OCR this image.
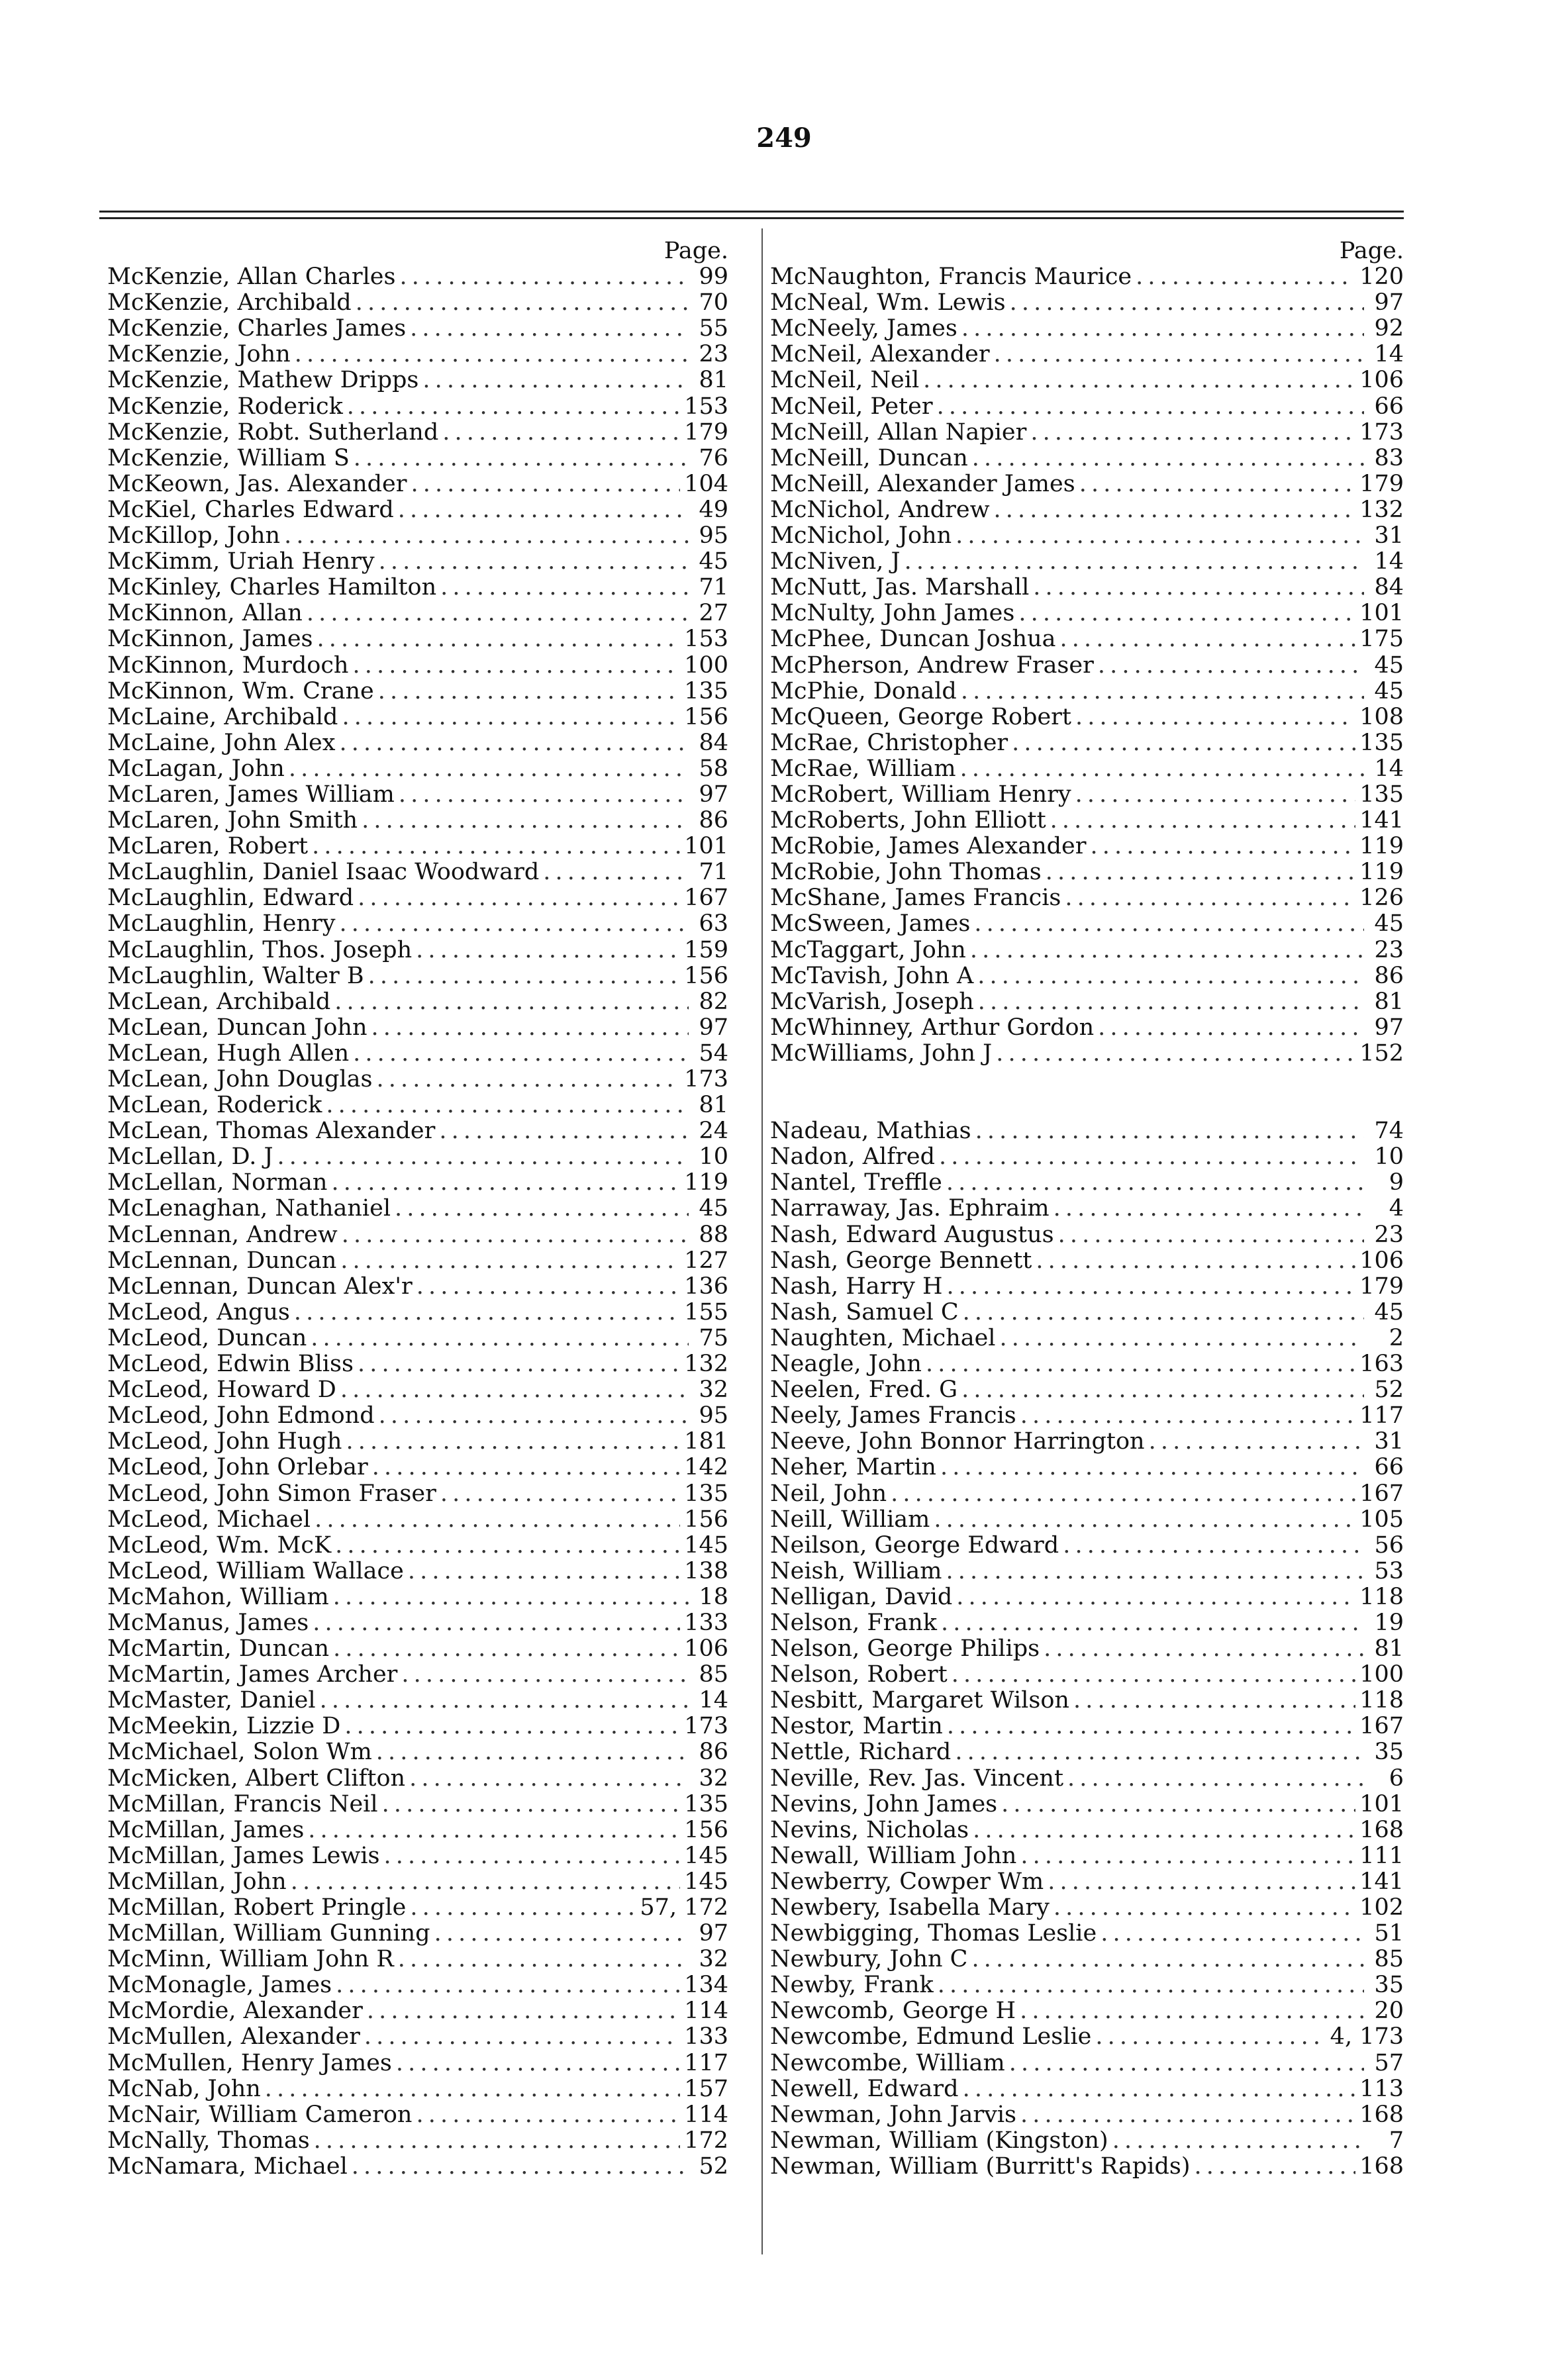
249
Page.
McKenzie, Allan Charles . . .	99
McKenzie, Archibald . . .	70
McKenzie, Charles James . . .	55
McKenzie, John . . .	23
McKenzie, Mathew Dripps . . .	81
McKenzie, Roderick . . .	153
McKenzie, Robt. Sutherland . . .	179
McKenzie, William S . . .	76
McKeown, Jas. Alexander . . .	104
McKiel, Charles Edward . . .	49
McKillop, John . . .	95
McKimm, Uriah Henry . . .	45
McKinley, Charles Hamilton . . .	71
McKinnon, Allan . . .	27
McKinnon, James . . .	153
McKinnon, Murdoch . . .	100
McKinnon, Wm. Crane . . .	135
McLaine, Archibald . . .	156
McLaine, John Alex . . .	84
McLagan, John . . .	58
McLaren, James William . . .	97
McLaren, John Smith . . .	86
McLaren, Robert . . .	101
McLaughlin, Daniel Isaac Woodward . . .	71
McLaughlin, Edward . . .	167
McLaughlin, Henry . . .	63
McLaughlin, Thos. Joseph . . .	159
McLaughlin, Walter B . . .	156
McLean, Archibald . . .	82
McLean, Duncan John . . .	97
McLean, Hugh Allen . . .	54
McLean, John Douglas . . .	173
McLean, Roderick . . .	81
McLean, Thomas Alexander . . .	24
McLellan, D. J . . .	10
McLellan, Norman . . .	119
McLenaghan, Nathaniel . . .	45
McLennan, Andrew . . .	88
McLennan, Duncan . . .	127
McLennan, Duncan Alex'r . . .	136
McLeod, Angus . . .	155
McLeod, Duncan . . .	75
McLeod, Edwin Bliss . . .	132
McLeod, Howard D . . .	32
McLeod, John Edmond . . .	95
McLeod, John Hugh . . .	181
McLeod, John Orlebar . . .	142
McLeod, John Simon Fraser . . .	135
McLeod, Michael . . .	156
McLeod, Wm. McK . . .	145
McLeod, William Wallace . . .	138
McMahon, William . . .	18
McManus, James . . .	133
McMartin, Duncan . . .	106
McMartin, James Archer . . .	85
McMaster, Daniel . . .	14
McMeekin, Lizzie D . . .	173
McMichael, Solon Wm . . .	86
McMicken, Albert Clifton . . .	32
McMillan, Francis Neil . . .	135
McMillan, James . . .	156
McMillan, James Lewis . . .	145
McMillan, John . . .	145
McMillan, Robert Pringle . . .	57, 172
McMillan, William Gunning . . .	97
McMinn, William John R . . .	32
McMonagle, James . . .	134
McMordie, Alexander . . .	114
McMullen, Alexander . . .	133
McMullen, Henry James . . .	117
McNab, John . . .	157
McNair, William Cameron . . .	114
McNally, Thomas . . .	172
McNamara, Michael . . .	52
Page.
McNaughton, Francis Maurice . . .	120
McNeal, Wm. Lewis . . .	97
McNeely, James . . .	92
McNeil, Alexander . . .	14
McNeil, Neil . . .	106
McNeil, Peter . . .	66
McNeill, Allan Napier . . .	173
McNeill, Duncan . . .	83
McNeill, Alexander James . . .	179
McNichol, Andrew . . .	132
McNichol, John . . .	31
McNiven, J . . .	14
McNutt, Jas. Marshall . . .	84
McNulty, John James . . .	101
McPhee, Duncan Joshua . . .	175
McPherson, Andrew Fraser . . .	45
McPhie, Donald . . .	45
McQueen, George Robert . . .	108
McRae, Christopher . . .	135
McRae, William . . .	14
McRobert, William Henry . . .	135
McRoberts, John Elliott . . .	141
McRobie, James Alexander . . .	119
McRobie, John Thomas . . .	119
McShane, James Francis . . .	126
McSween, James . . .	45
McTaggart, John . . .	23
McTavish, John A . . .	86
McVarish, Joseph . . .	81
McWhinney, Arthur Gordon . . .	97
McWilliams, John J . . .	152
Nadeau, Mathias . . .	74
Nadon, Alfred . . .	10
Nantel, Treffle . . .	9
Narraway, Jas. Ephraim . . .	4
Nash, Edward Augustus . . .	23
Nash, George Bennett . . .	106
Nash, Harry H . . .	179
Nash, Samuel C . . .	45
Naughten, Michael . . .	2
Neagle, John . . .	163
Neelen, Fred. G . . .	52
Neely, James Francis . . .	117
Neeve, John Bonnor Harrington . . .	31
Neher, Martin . . .	66
Neil, John . . .	167
Neill, William . . .	105
Neilson, George Edward . . .	56
Neish, William . . .	53
Nelligan, David . . .	118
Nelson, Frank . . .	19
Nelson, George Philips . . .	81
Nelson, Robert . . .	100
Nesbitt, Margaret Wilson . . .	118
Nestor, Martin . . .	167
Nettle, Richard . . .	35
Neville, Rev. Jas. Vincent . . .	6
Nevins, John James . . .	101
Nevins, Nicholas . . .	168
Newall, William John . . .	111
Newberry, Cowper Wm . . .	141
Newbery, Isabella Mary . . .	102
Newbigging, Thomas Leslie . . .	51
Newbury, John C . . .	85
Newby, Frank . . .	35
Newcomb, George H . . .	20
Newcombe, Edmund Leslie . . .	4, 173
Newcombe, William . . .	57
Newell, Edward . . .	113
Newman, John Jarvis . . .	168
Newman, William (Kingston) . . .	7
Newman, William (Burritt's Rapids) . . .	168
